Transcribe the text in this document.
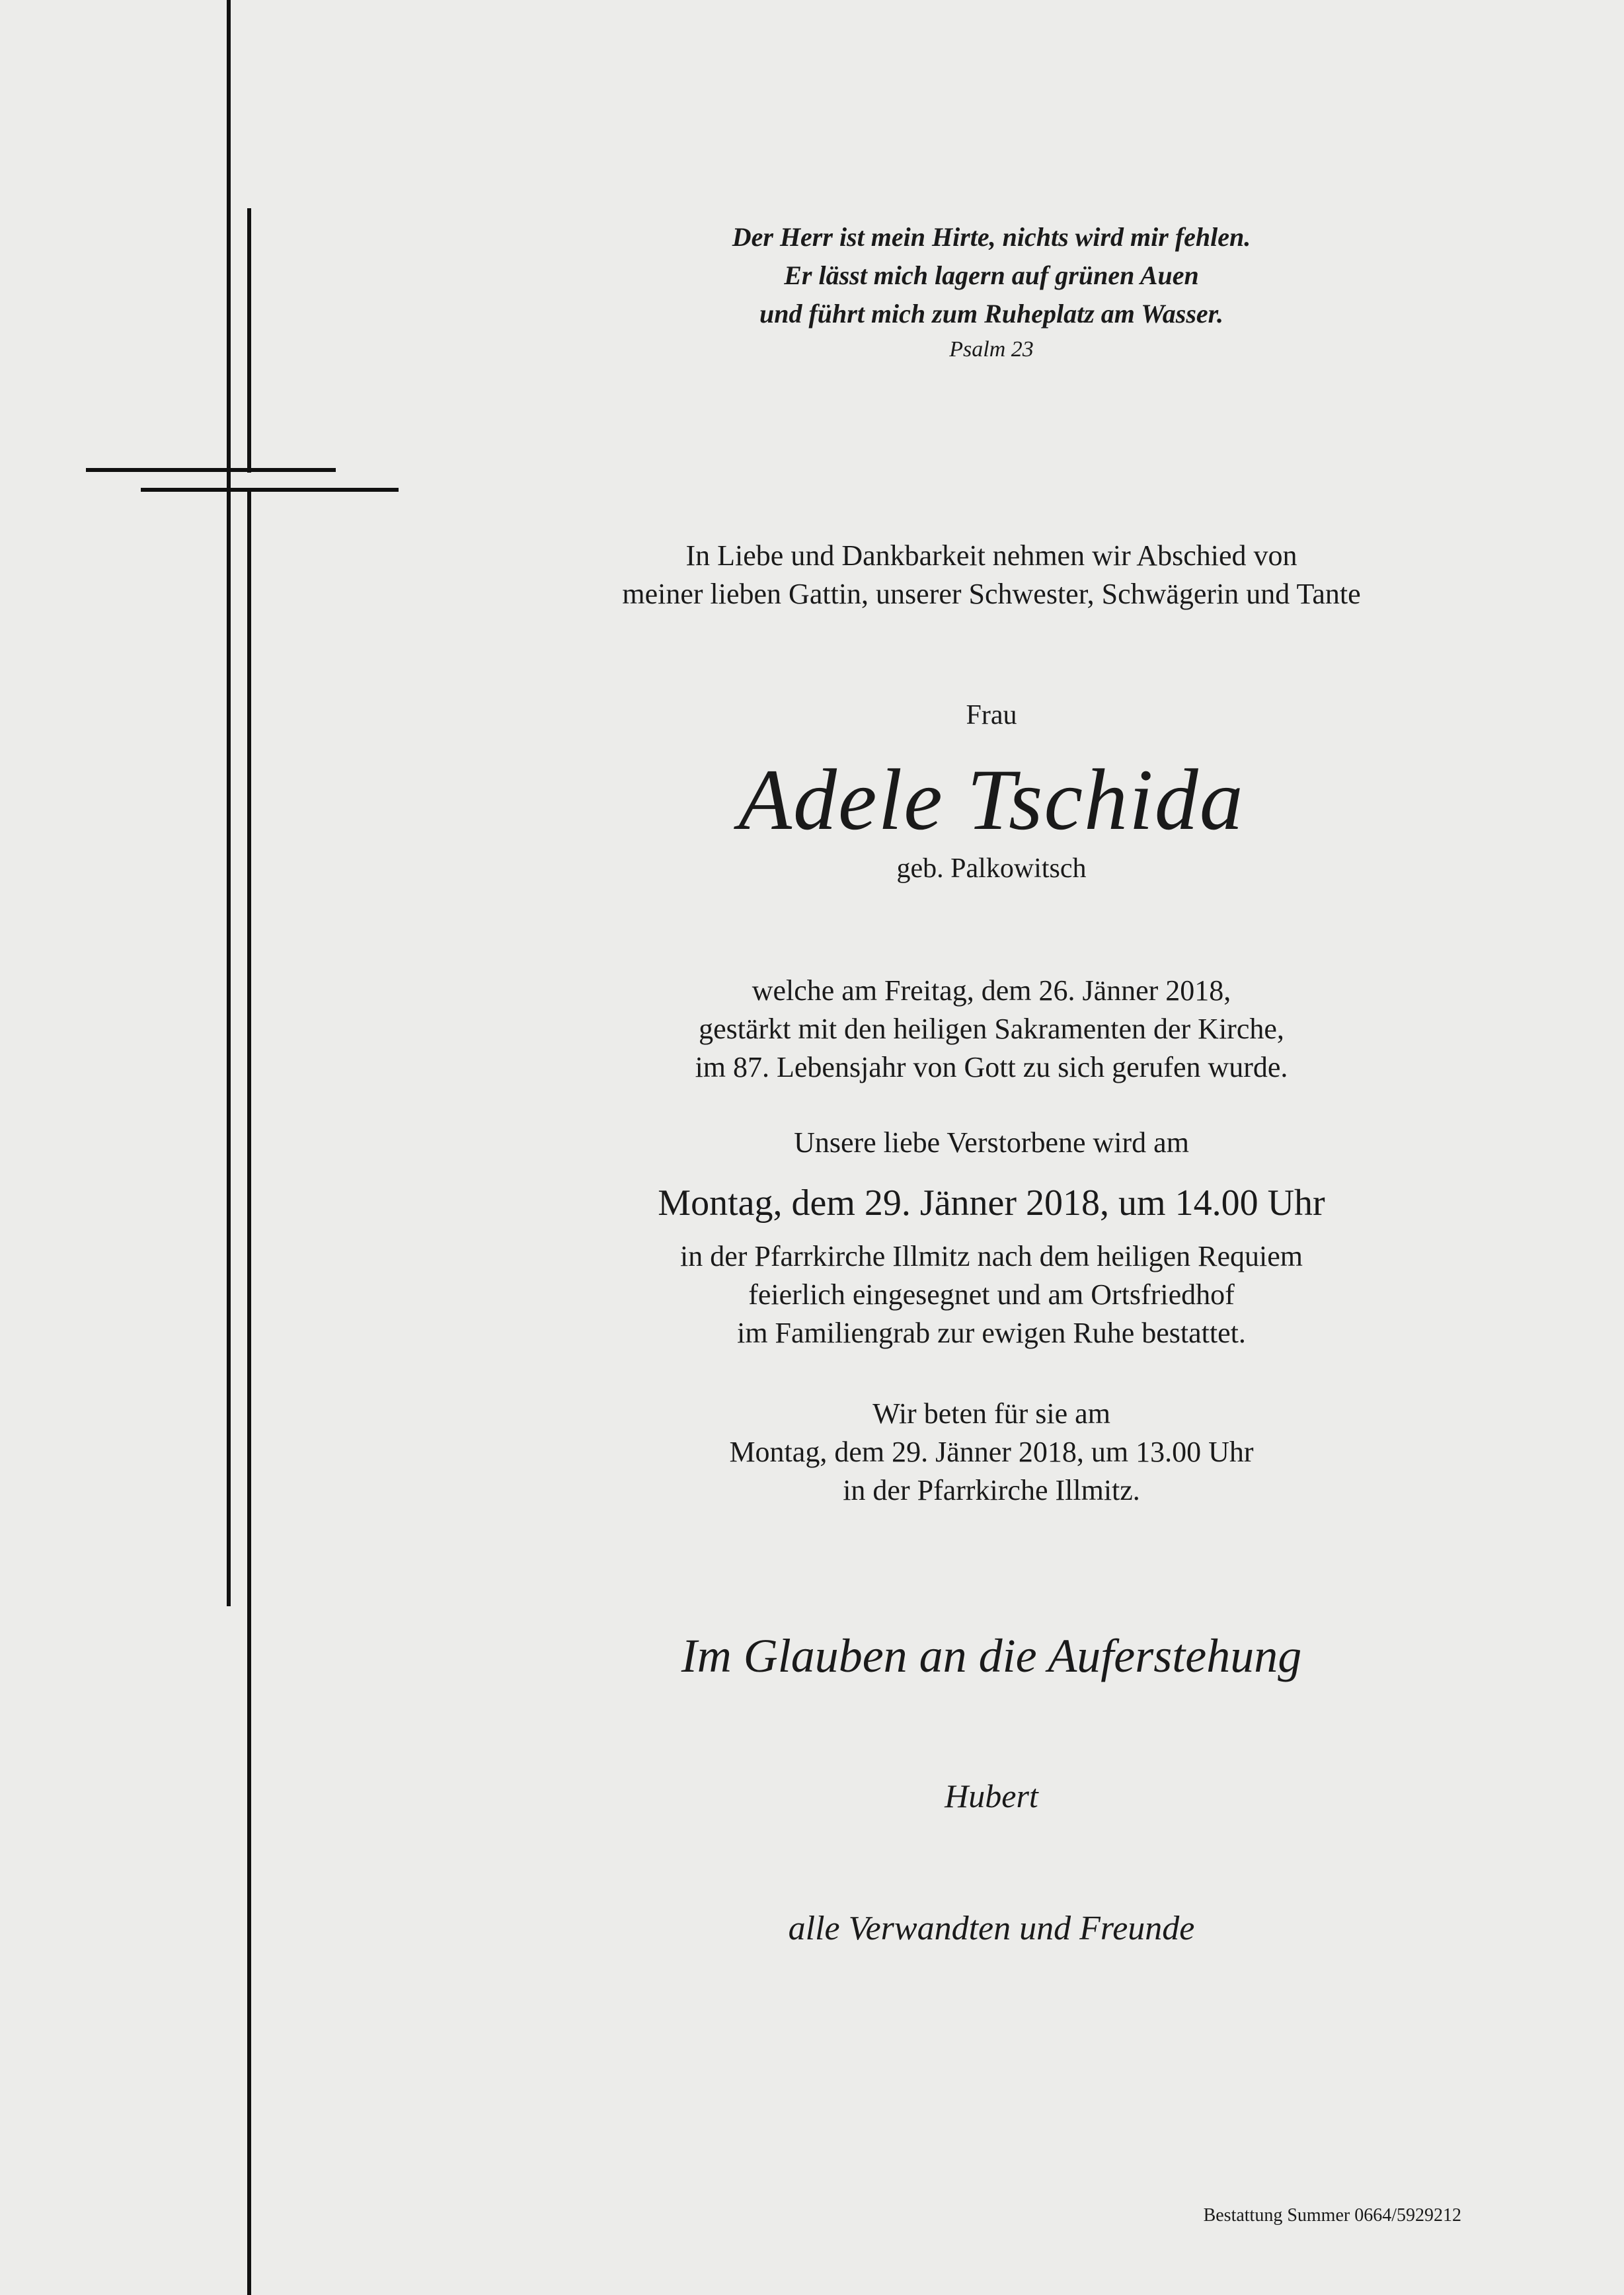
Der Herr ist mein Hirte, nichts wird mir fehlen.
Er lässt mich lagern auf grünen Auen
und führt mich zum Ruheplatz am Wasser.
Psalm 23
In Liebe und Dankbarkeit nehmen wir Abschied von
meiner lieben Gattin, unserer Schwester, Schwägerin und Tante
Frau
Adele Tschida
geb. Palkowitsch
welche am Freitag, dem 26. Jänner 2018,
gestärkt mit den heiligen Sakramenten der Kirche,
im 87. Lebensjahr von Gott zu sich gerufen wurde.
Unsere liebe Verstorbene wird am
Montag, dem 29. Jänner 2018, um 14.00 Uhr
in der Pfarrkirche Illmitz nach dem heiligen Requiem
feierlich eingesegnet und am Ortsfriedhof
im Familiengrab zur ewigen Ruhe bestattet.
Wir beten für sie am
Montag, dem 29. Jänner 2018, um 13.00 Uhr
in der Pfarrkirche Illmitz.
Im Glauben an die Auferstehung
Hubert
alle Verwandten und Freunde
Bestattung Summer 0664/5929212
